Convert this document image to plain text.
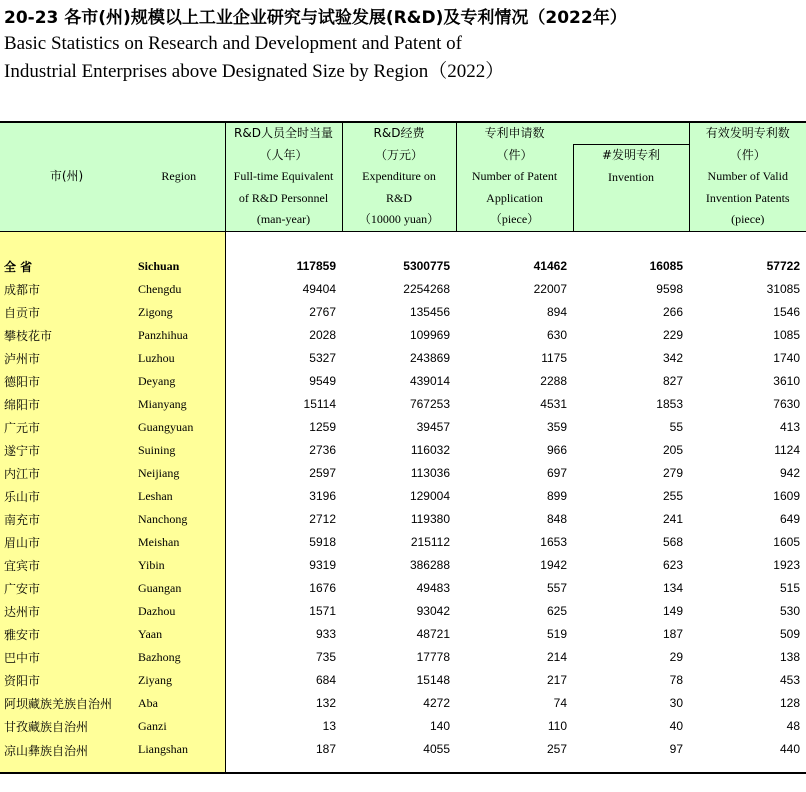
20-23 各市(州)规模以上工业企业研究与试验发展(R&D)及专利情况（2022年）
Basic Statistics on Research and Development and Patent of
Industrial Enterprises above Designated Size by Region（2022）
市(州)	Region	R&D人员全时当量
（人年）
Full-time Equivalent
of R&D Personnel
(man-year)	R&D经费
（万元）
Expenditure on
R&D
（10000 yuan）	专利申请数
（件）
Number of Patent
Application
（piece）		有效发明专利数
（件）
Number of Valid
Invention Patents
(piece)

					#发明专利
Invention	

全 省	Sichuan	117859	5300775	41462	16085	57722
成都市	Chengdu	49404	2254268	22007	9598	31085
自贡市	Zigong	2767	135456	894	266	1546
攀枝花市	Panzhihua	2028	109969	630	229	1085
泸州市	Luzhou	5327	243869	1175	342	1740
德阳市	Deyang	9549	439014	2288	827	3610
绵阳市	Mianyang	15114	767253	4531	1853	7630
广元市	Guangyuan	1259	39457	359	55	413
遂宁市	Suining	2736	116032	966	205	1124
内江市	Neijiang	2597	113036	697	279	942
乐山市	Leshan	3196	129004	899	255	1609
南充市	Nanchong	2712	119380	848	241	649
眉山市	Meishan	5918	215112	1653	568	1605
宜宾市	Yibin	9319	386288	1942	623	1923
广安市	Guangan	1676	49483	557	134	515
达州市	Dazhou	1571	93042	625	149	530
雅安市	Yaan	933	48721	519	187	509
巴中市	Bazhong	735	17778	214	29	138
资阳市	Ziyang	684	15148	217	78	453
阿坝藏族羌族自治州	Aba	132	4272	74	30	128
甘孜藏族自治州	Ganzi	13	140	110	40	48
凉山彝族自治州	Liangshan	187	4055	257	97	440
